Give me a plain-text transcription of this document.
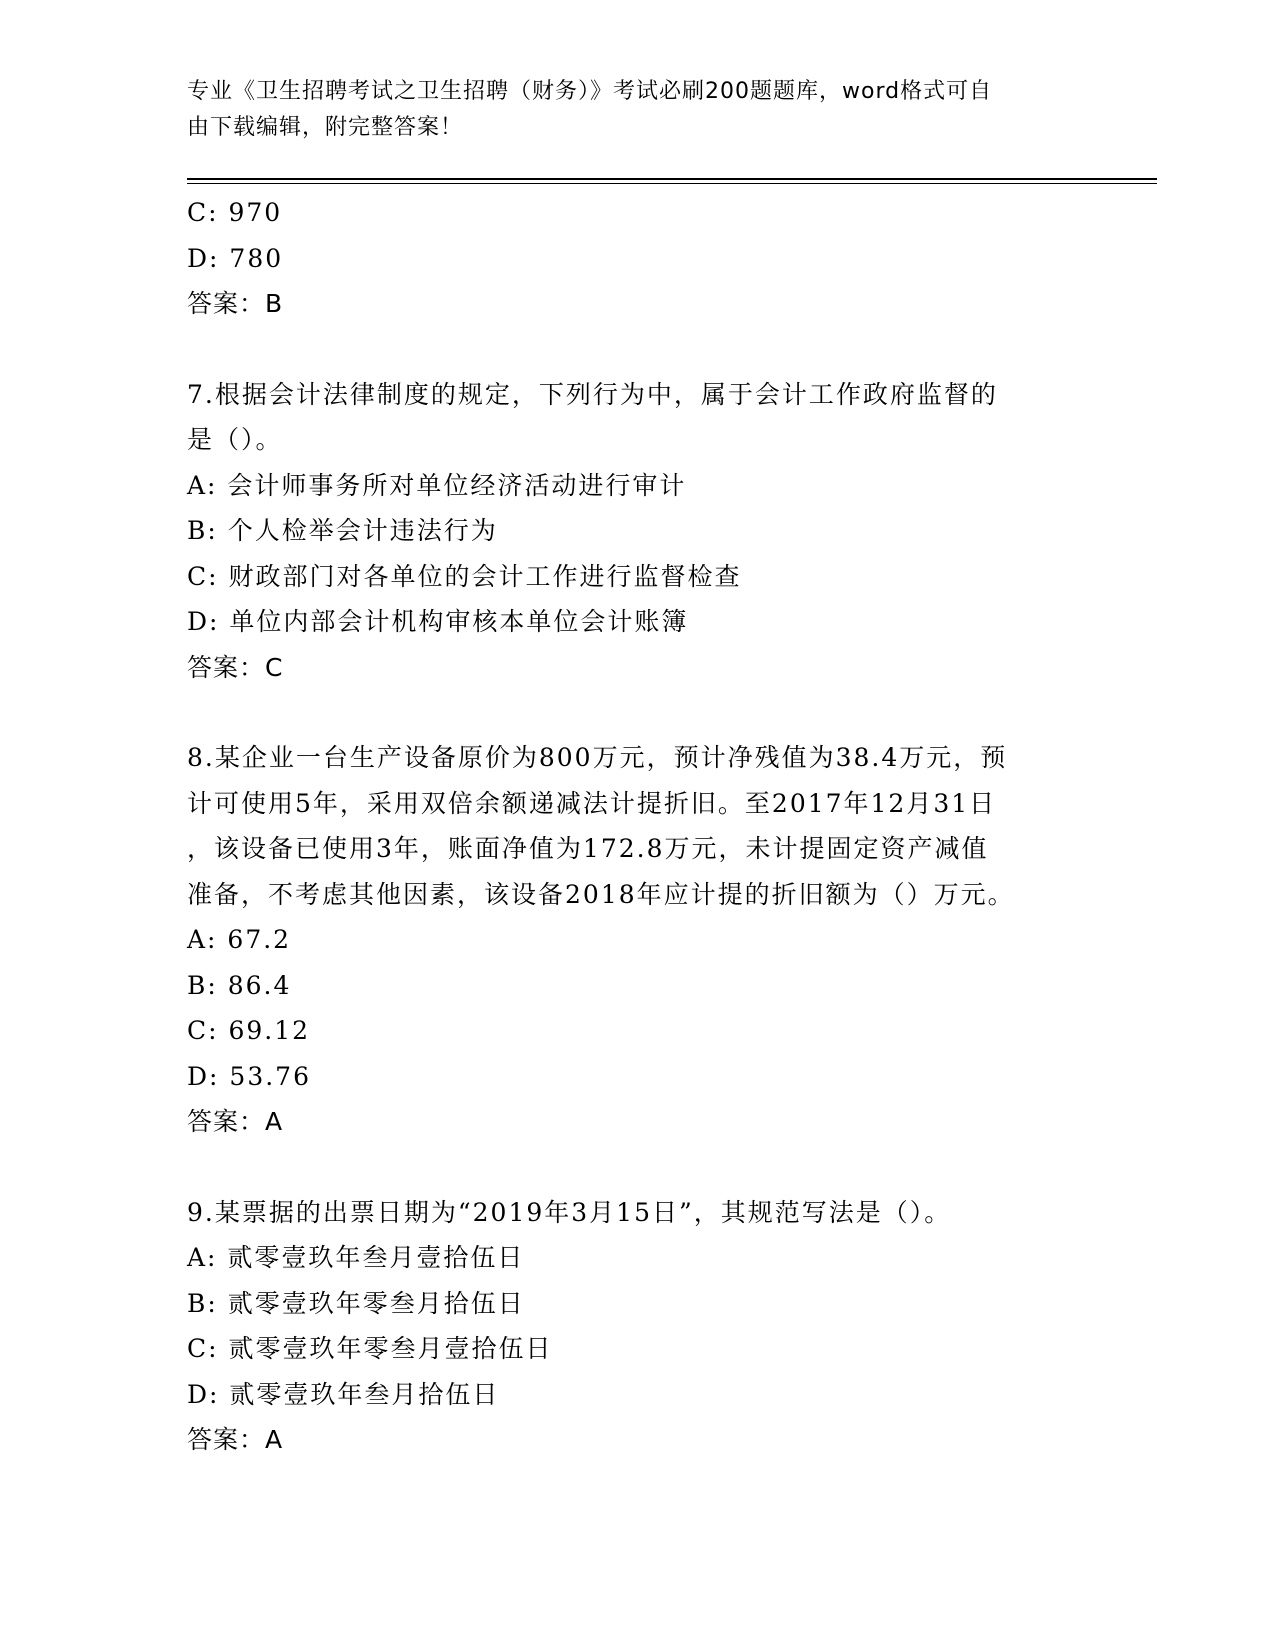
专业《卫生招聘考试之卫生招聘（财务）》考试必刷200题题库，word格式可自
由下载编辑，附完整答案！
C: 970
D: 780
答案：B
7.根据会计法律制度的规定，下列行为中，属于会计工作政府监督的
是（）。
A: 会计师事务所对单位经济活动进行审计
B: 个人检举会计违法行为
C: 财政部门对各单位的会计工作进行监督检查
D: 单位内部会计机构审核本单位会计账簿
答案：C
8.某企业一台生产设备原价为800万元，预计净残值为38.4万元，预
计可使用5年，采用双倍余额递减法计提折旧。至2017年12月31日
，该设备已使用3年，账面净值为172.8万元，未计提固定资产减值
准备，不考虑其他因素，该设备2018年应计提的折旧额为（）万元。
A: 67.2
B: 86.4
C: 69.12
D: 53.76
答案：A
9.某票据的出票日期为“2019年3月15日”，其规范写法是（）。
A: 贰零壹玖年叁月壹拾伍日
B: 贰零壹玖年零叁月拾伍日
C: 贰零壹玖年零叁月壹拾伍日
D: 贰零壹玖年叁月拾伍日
答案：A
